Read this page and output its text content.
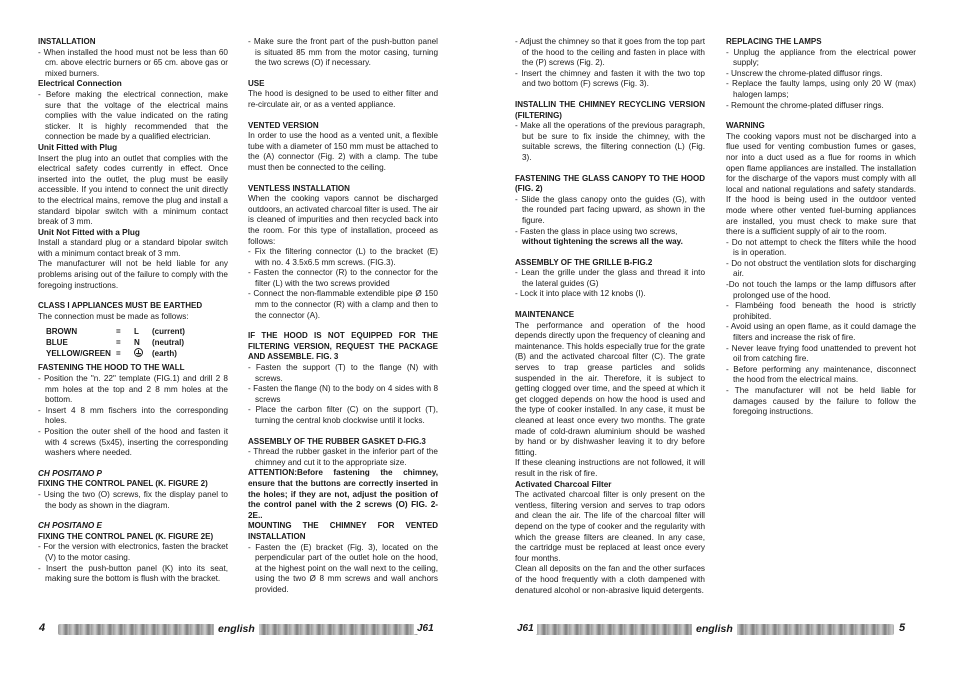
INSTALLATION

- When installed the hood must not be less than 60 cm. above electric burners or 65 cm. above gas or mixed burners.

Electrical Connection

- Before making the electrical connection, make sure that the voltage of the electrical mains complies with the value indicated on the rating sticker. It is highly recommended that the connection be made by a qualified electrician.

Unit Fitted with Plug

Insert the plug into an outlet that complies with the electrical safety codes currently in effect. Once inserted into the outlet, the plug must be easily accessible. If you intend to connect the unit directly to the electrical mains, remove the plug and install a standard bipolar switch with a minimum contact break of 3 mm.

Unit Not Fitted with a Plug

Install a standard plug or a standard bipolar switch with a minimum contact break of 3 mm.

The manufacturer will not be held liable for any problems arising out of the failure to comply with the foregoing instructions.

CLASS I APPLIANCES MUST BE EARTHED

The connection must be made as follows:

BROWN	=	L	(current)
BLUE	=	N	(neutral)
YELLOW/GREEN	=		(earth)

FASTENING THE HOOD TO THE WALL

- Position the "n. 22" template (FIG.1) and drill 2 8 mm holes at the top and 2 8 mm holes at the bottom.

- Insert 4 8 mm fischers into the corresponding holes.

- Position the outer shell of the hood and fasten it with 4 screws (5x45), inserting the corresponding washers where needed.

CH POSITANO P

FIXING THE CONTROL PANEL (K. FIGURE 2)

- Using the two (O) screws, fix the display panel to the body as shown in the diagram.

CH POSITANO E

FIXING THE CONTROL PANEL (K. FIGURE 2E)

- For the version with electronics, fasten the bracket (V) to the motor casing.

- Insert the push-button panel (K) into its seat, making sure the bottom is flush with the bracket.

- Make sure the front part of the push-button panel is situated 85 mm from the motor casing, turning the two screws (O) if necessary.

USE

The hood is designed to be used to either filter and re-circulate air, or as a vented appliance.

VENTED VERSION

In order to use the hood as a vented unit, a flexible tube with a diameter of 150 mm must be attached to the (A) connector (Fig. 2) with a clamp. The tube must then be connected to the ceiling.

VENTLESS INSTALLATION

When the cooking vapors cannot be discharged outdoors, an activated charcoal filter is used. The air is cleaned of impurities and then recycled back into the room. For this type of installation, proceed as follows:

- Fix the filtering connector (L) to the bracket (E) with no. 4 3.5x6.5 mm screws. (FIG.3).

- Fasten the connector (R) to the connector for the filter (L) with the two screws provided

- Connect the non-flammable extendible pipe Ø 150 mm to the connector (R) with a clamp and then to the connector (A).

IF THE HOOD IS NOT EQUIPPED FOR THE FILTERING VERSION, REQUEST THE PACKAGE AND ASSEMBLE. FIG. 3

- Fasten the support (T) to the flange (N) with screws.

- Fasten the flange (N) to the body on 4 sides with 8 screws

- Place the carbon filter (C) on the support (T), turning the central knob clockwise until it locks.

ASSEMBLY OF THE RUBBER GASKET D-FIG.3

- Thread the rubber gasket in the inferior part of the chimney and cut it to the appropriate size.

ATTENTION:Before fastening the chimney, ensure that the buttons are correctly inserted in the holes; if they are not, adjust the position of the control panel with the 2 screws (O) FIG. 2-2E..

MOUNTING THE CHIMNEY FOR VENTED INSTALLATION

- Fasten the (E) bracket (Fig. 3), located on the perpendicular part of the outlet hole on the hood, at the highest point on the wall next to the ceiling, using the two Ø 8 mm screws and wall anchors provided.

- Adjust the chimney so that it goes from the top part of the hood to the ceiling and fasten in place with the (P) screws (Fig. 2).

- Insert the chimney and fasten it with the two top and two bottom (F) screws (Fig. 3).

INSTALLIN THE CHIMNEY RECYCLING VERSION (FILTERING)

- Make all the operations of the previous paragraph, but be sure to fix inside the chimney, with the suitable screws, the filtering connection (L) (Fig. 3).

FASTENING THE GLASS CANOPY TO THE HOOD (FIG. 2)

- Slide the glass canopy onto the guides (G), with the rounded part facing upward, as shown in the figure.

- Fasten the glass in place using two screws,

without tightening the screws all the way.

ASSEMBLY OF THE GRILLE B-FIG.2

- Lean the grille under the glass and thread it into the lateral guides (G)

- Lock it into place with 12 knobs (I).

MAINTENANCE

The performance and operation of the hood depends directly upon the frequency of cleaning and maintenance. This holds especially true for the grate (B) and the activated charcoal filter (C). The grate serves to trap grease particles and solids suspended in the air. Therefore, it is subject to getting clogged over time, and the speed at which it get clogged depends on how the hood is used and the type of cooker installed. In any case, it must be cleaned at least once every two months. The grate made of cold-drawn aluminium should be washed by hand or by dishwasher leaving it to dry before fitting.

If these cleaning instructions are not followed, it will result in the risk of fire.

Activated Charcoal Filter

The activated charcoal filter is only present on the ventless, filtering version and serves to trap odors and clean the air. The life of the charcoal filter will depend on the type of cooker and the regularity with which the grease filters are cleaned. In any case, the cartridge must be replaced at least once every four months.

Clean all deposits on the fan and the other surfaces of the hood frequently with a cloth dampened with denatured alcohol or non-abrasive liquid detergents.

REPLACING THE LAMPS

- Unplug the appliance from the electrical power supply;

- Unscrew the chrome-plated diffusor rings.

- Replace the faulty lamps, using only 20 W (max) halogen lamps;

- Remount the chrome-plated diffuser rings.

WARNING

The cooking vapors must not be discharged into a flue used for venting combustion fumes or gases, nor into a duct used as a flue for rooms in which open flame appliances are installed. The installation for the discharge of the vapors must comply with all local and national regulations and safety standards. If the hood is being used in the outdoor vented mode where other vented fuel-burning appliances are installed, you must check to make sure that there is a sufficient supply of air to the room.

- Do not attempt to check the filters while the hood is in operation.

- Do not obstruct the ventilation slots for discharging air.

-Do not touch the lamps or the lamp diffusors after prolonged use of the hood.

- Flambéing food beneath the hood is strictly prohibited.

- Avoid using an open flame, as it could damage the filters and increase the risk of fire.

- Never leave frying food unattended to prevent hot oil from catching fire.

- Before performing any maintenance, disconnect the hood from the electrical mains.

- The manufacturer will not be held liable for damages caused by the failure to follow the foregoing instructions.

4	english	J61	J61	english	5
